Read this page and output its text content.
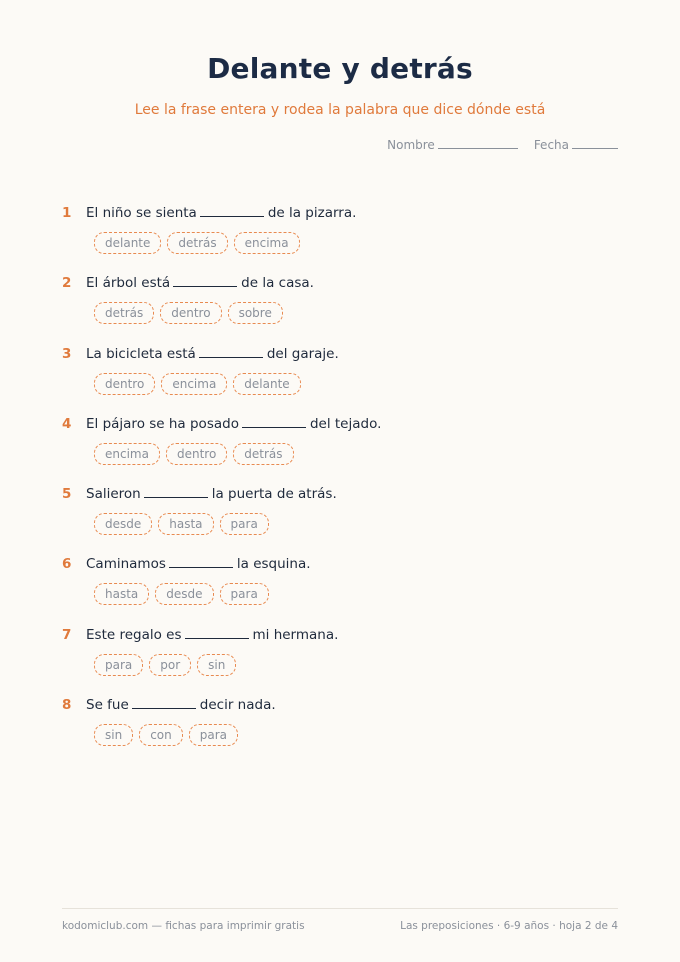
Delante y detrás
Lee la frase entera y rodea la palabra que dice dónde está
Nombre	Fecha
1	El niño se sienta	de la pizarra.
delante	detrás	encima
2	El árbol está	de la casa.
detrás	dentro	sobre
3	La bicicleta está	del garaje.
dentro	encima	delante
4	El pájaro se ha posado	del tejado.
encima	dentro	detrás
5	Salieron	la puerta de atrás.
desde	hasta	para
6	Caminamos	la esquina.
hasta	desde	para
7	Este regalo es	mi hermana.
para	por	sin
8	Se fue	decir nada.
sin	con	para
kodomiclub.com — fichas para imprimir gratis	Las preposiciones · 6-9 años · hoja 2 de 4
